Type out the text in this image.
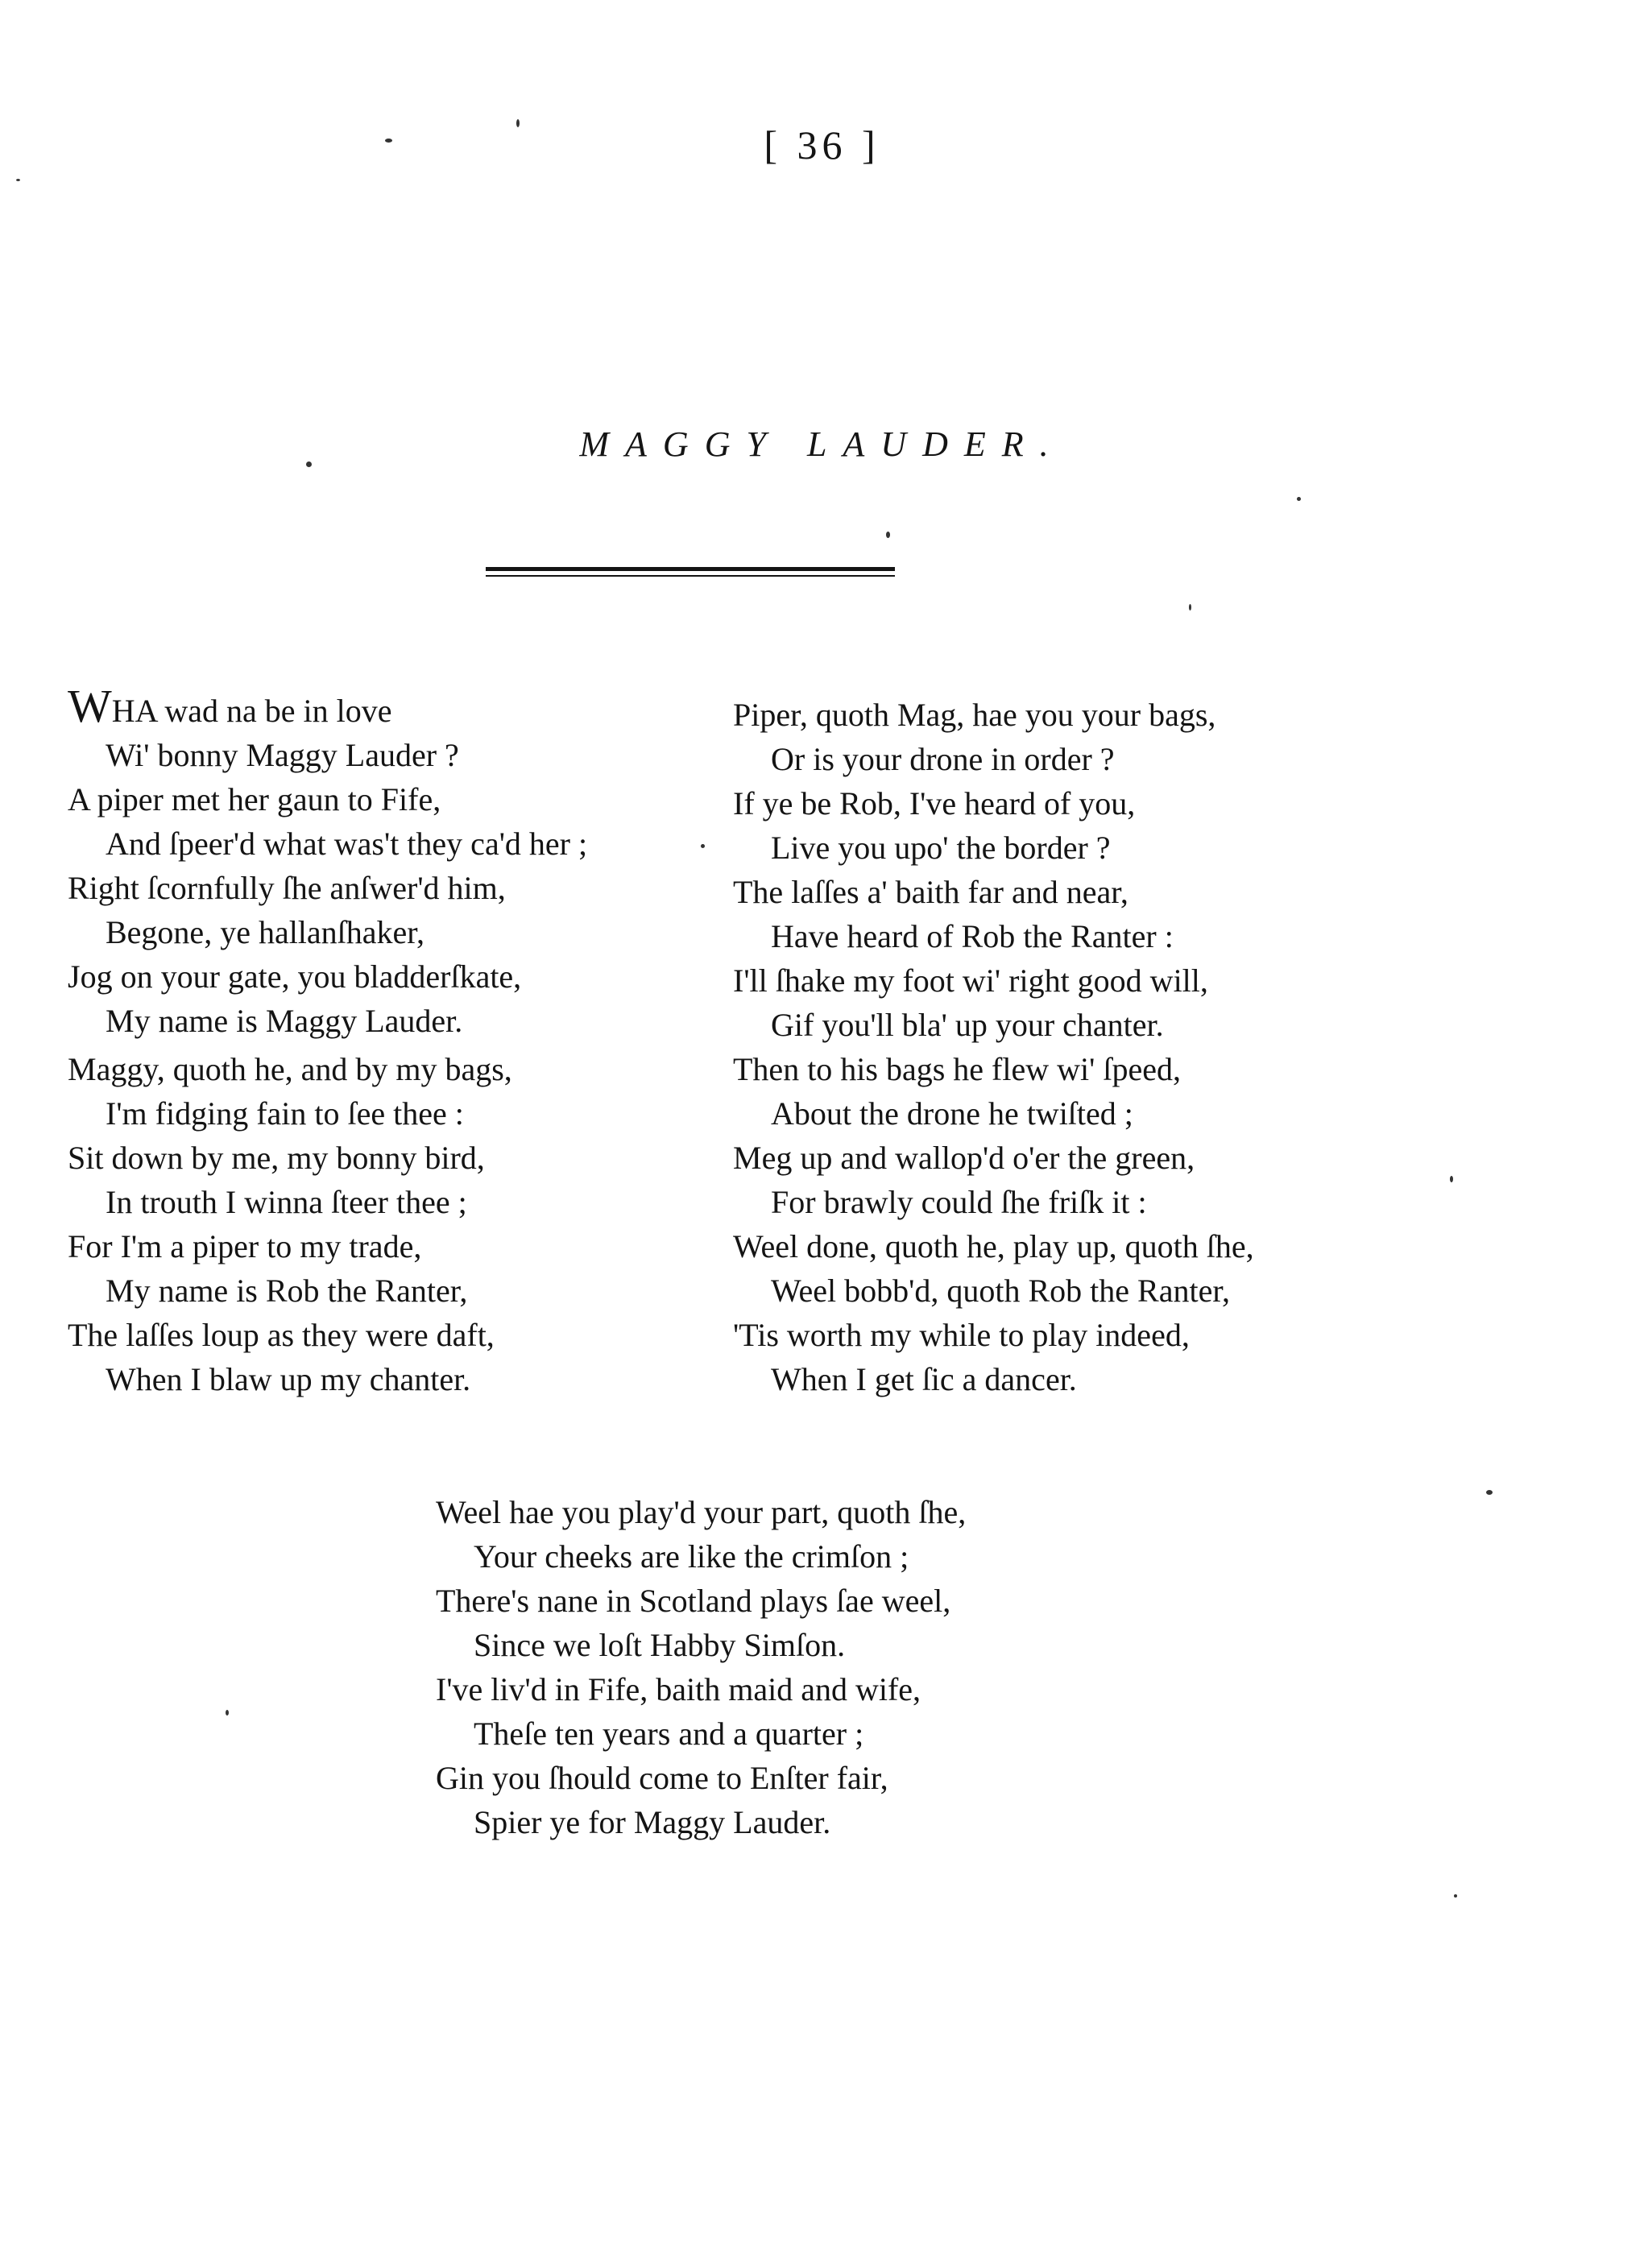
[ 36 ]
MAGGY LAUDER.
WHA wad na be in love
Wi' bonny Maggy Lauder ?
A piper met her gaun to Fife,
And ſpeer'd what was't they ca'd her ;
Right ſcornfully ſhe anſwer'd him,
Begone, ye hallanſhaker,
Jog on your gate, you bladderſkate,
My name is Maggy Lauder.
Maggy, quoth he, and by my bags,
I'm fidging fain to ſee thee :
Sit down by me, my bonny bird,
In trouth I winna ſteer thee ;
For I'm a piper to my trade,
My name is Rob the Ranter,
The laſſes loup as they were daft,
When I blaw up my chanter.
Piper, quoth Mag, hae you your bags,
Or is your drone in order ?
If ye be Rob, I've heard of you,
Live you upo' the border ?
The laſſes a' baith far and near,
Have heard of Rob the Ranter :
I'll ſhake my foot wi' right good will,
Gif you'll bla' up your chanter.
Then to his bags he flew wi' ſpeed,
About the drone he twiſted ;
Meg up and wallop'd o'er the green,
For brawly could ſhe friſk it :
Weel done, quoth he, play up, quoth ſhe,
Weel bobb'd, quoth Rob the Ranter,
'Tis worth my while to play indeed,
When I get ſic a dancer.
Weel hae you play'd your part, quoth ſhe,
Your cheeks are like the crimſon ;
There's nane in Scotland plays ſae weel,
Since we loſt Habby Simſon.
I've liv'd in Fife, baith maid and wife,
Theſe ten years and a quarter ;
Gin you ſhould come to Enſter fair,
Spier ye for Maggy Lauder.
